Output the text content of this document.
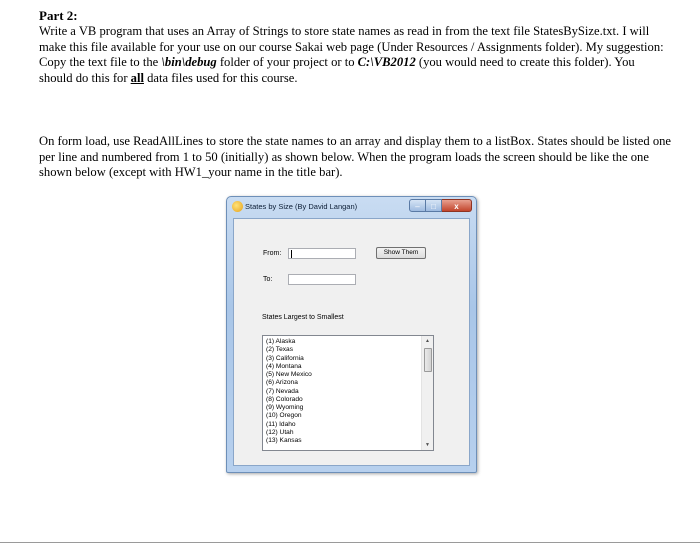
Part 2:

Write a VB program that uses an Array of Strings to store state names as read in from the text file StatesBySize.txt. I will make this file available for your use on our course Sakai web page (Under Resources / Assignments folder). My suggestion: Copy the text file to the \bin\debug folder of your project or to C:\VB2012 (you would need to create this folder). You should do this for all data files used for this course.

On form load, use ReadAllLines to store the state names to an array and display them to a listBox. States should be listed one per line and numbered from 1 to 50 (initially) as shown below. When the program loads the screen should be like the one shown below (except with HW1_your name in the title bar).

States by Size (By David Langan)	–	□	x
From:
To:
Show Them
States Largest to Smallest
(1) Alaska
(2) Texas
(3) California
(4) Montana
(5) New Mexico
(6) Arizona
(7) Nevada
(8) Colorado
(9) Wyoming
(10) Oregon
(11) Idaho
(12) Utah
(13) Kansas
▲
▼
